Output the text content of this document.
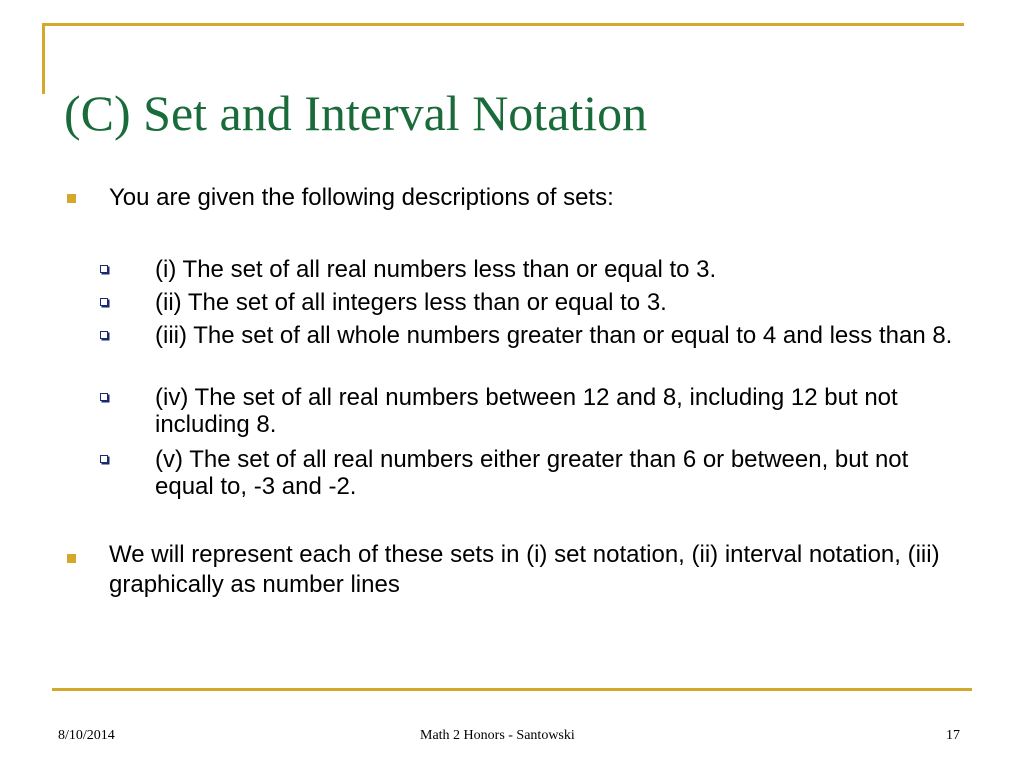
(C) Set and Interval Notation
You are given the following descriptions of sets:
(i) The set of all real numbers less than or equal to 3.
(ii) The set of all integers less than or equal to 3.
(iii) The set of all whole numbers greater than or equal to 4 and less than 8.
(iv) The set of all real numbers between 12 and 8, including 12 but not including 8.
(v) The set of all real numbers either greater than 6 or between, but not equal to, -3 and -2.
We will represent each of these sets in (i) set notation, (ii) interval notation, (iii) graphically as number lines
8/10/2014	Math 2 Honors - Santowski	17
